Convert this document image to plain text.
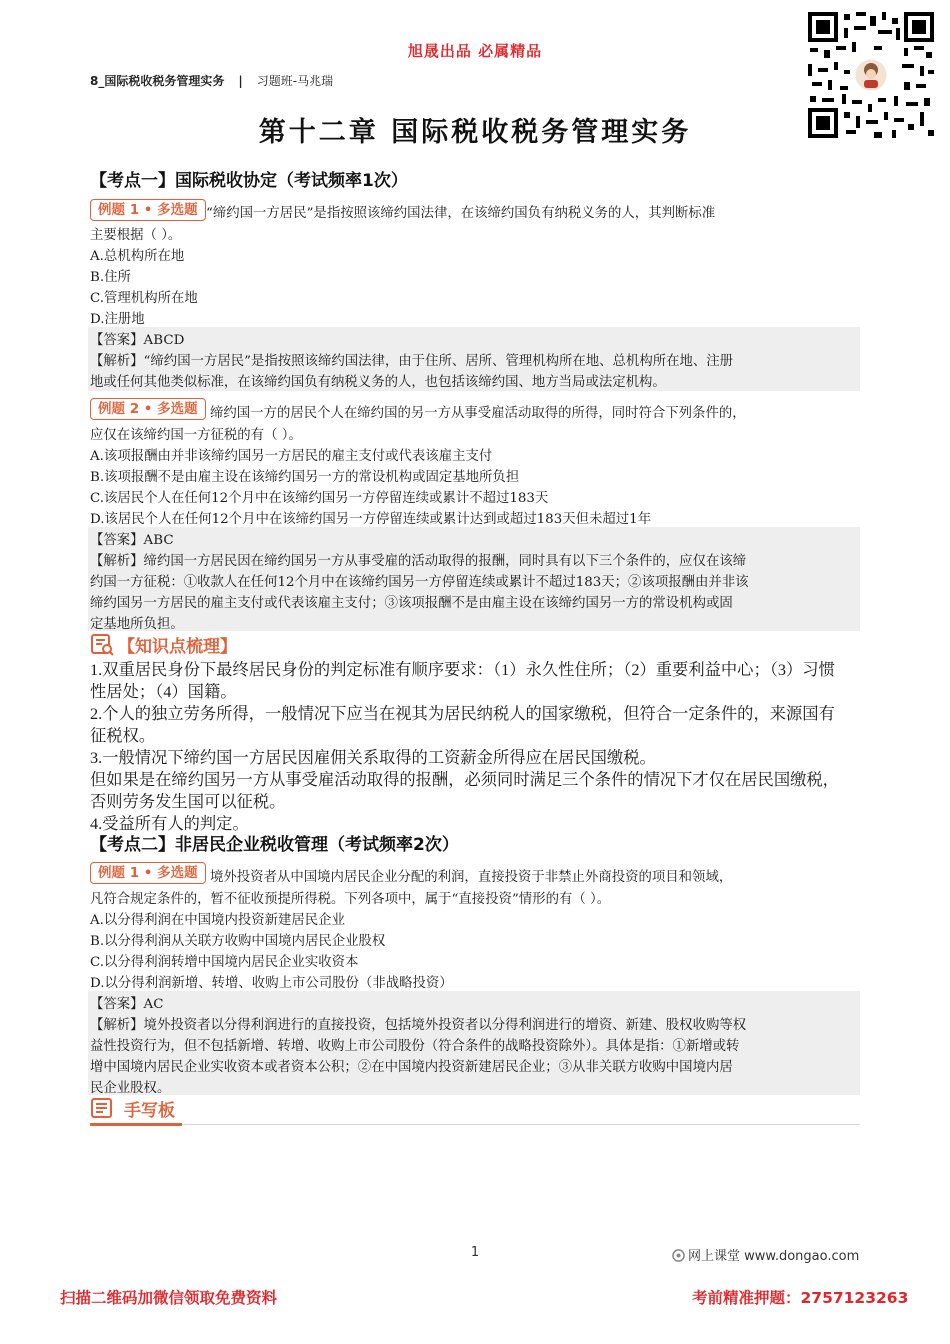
旭晟出品 必属精品
8_国际税收税务管理实务 | 习题班-马兆瑞
第十二章 国际税收税务管理实务
【考点一】国际税收协定（考试频率1次）
例题 1 • 多选题 “缔约国一方居民”是指按照该缔约国法律，在该缔约国负有纳税义务的人，其判断标准
主要根据（ ）。
A.总机构所在地
B.住所
C.管理机构所在地
D.注册地
【答案】ABCD
【解析】“缔约国一方居民”是指按照该缔约国法律，由于住所、居所、管理机构所在地、总机构所在地、注册
地或任何其他类似标准，在该缔约国负有纳税义务的人，也包括该缔约国、地方当局或法定机构。
例题 2 • 多选题 缔约国一方的居民个人在缔约国的另一方从事受雇活动取得的所得，同时符合下列条件的，
应仅在该缔约国一方征税的有（ ）。
A.该项报酬由并非该缔约国另一方居民的雇主支付或代表该雇主支付
B.该项报酬不是由雇主设在该缔约国另一方的常设机构或固定基地所负担
C.该居民个人在任何12个月中在该缔约国另一方停留连续或累计不超过183天
D.该居民个人在任何12个月中在该缔约国另一方停留连续或累计达到或超过183天但未超过1年
【答案】ABC
【解析】缔约国一方居民因在缔约国另一方从事受雇的活动取得的报酬，同时具有以下三个条件的，应仅在该缔
约国一方征税：①收款人在任何12个月中在该缔约国另一方停留连续或累计不超过183天；②该项报酬由并非该
缔约国另一方居民的雇主支付或代表该雇主支付；③该项报酬不是由雇主设在该缔约国另一方的常设机构或固
定基地所负担。
【知识点梳理】
1.双重居民身份下最终居民身份的判定标准有顺序要求：（1）永久性住所；（2）重要利益中心；（3）习惯
性居处；（4）国籍。
2.个人的独立劳务所得，一般情况下应当在视其为居民纳税人的国家缴税，但符合一定条件的，来源国有
征税权。
3.一般情况下缔约国一方居民因雇佣关系取得的工资薪金所得应在居民国缴税。
但如果是在缔约国另一方从事受雇活动取得的报酬，必须同时满足三个条件的情况下才仅在居民国缴税，
否则劳务发生国可以征税。
4.受益所有人的判定。
【考点二】非居民企业税收管理（考试频率2次）
例题 1 • 多选题 境外投资者从中国境内居民企业分配的利润，直接投资于非禁止外商投资的项目和领域，
凡符合规定条件的，暂不征收预提所得税。下列各项中，属于“直接投资”情形的有（ ）。
A.以分得利润在中国境内投资新建居民企业
B.以分得利润从关联方收购中国境内居民企业股权
C.以分得利润转增中国境内居民企业实收资本
D.以分得利润新增、转增、收购上市公司股份（非战略投资）
【答案】AC
【解析】境外投资者以分得利润进行的直接投资，包括境外投资者以分得利润进行的增资、新建、股权收购等权
益性投资行为，但不包括新增、转增、收购上市公司股份（符合条件的战略投资除外）。具体是指：①新增或转
增中国境内居民企业实收资本或者资本公积；②在中国境内投资新建居民企业；③从非关联方收购中国境内居
民企业股权。
手写板
1	网上课堂 www.dongao.com
扫描二维码加微信领取免费资料	考前精准押题：2757123263
